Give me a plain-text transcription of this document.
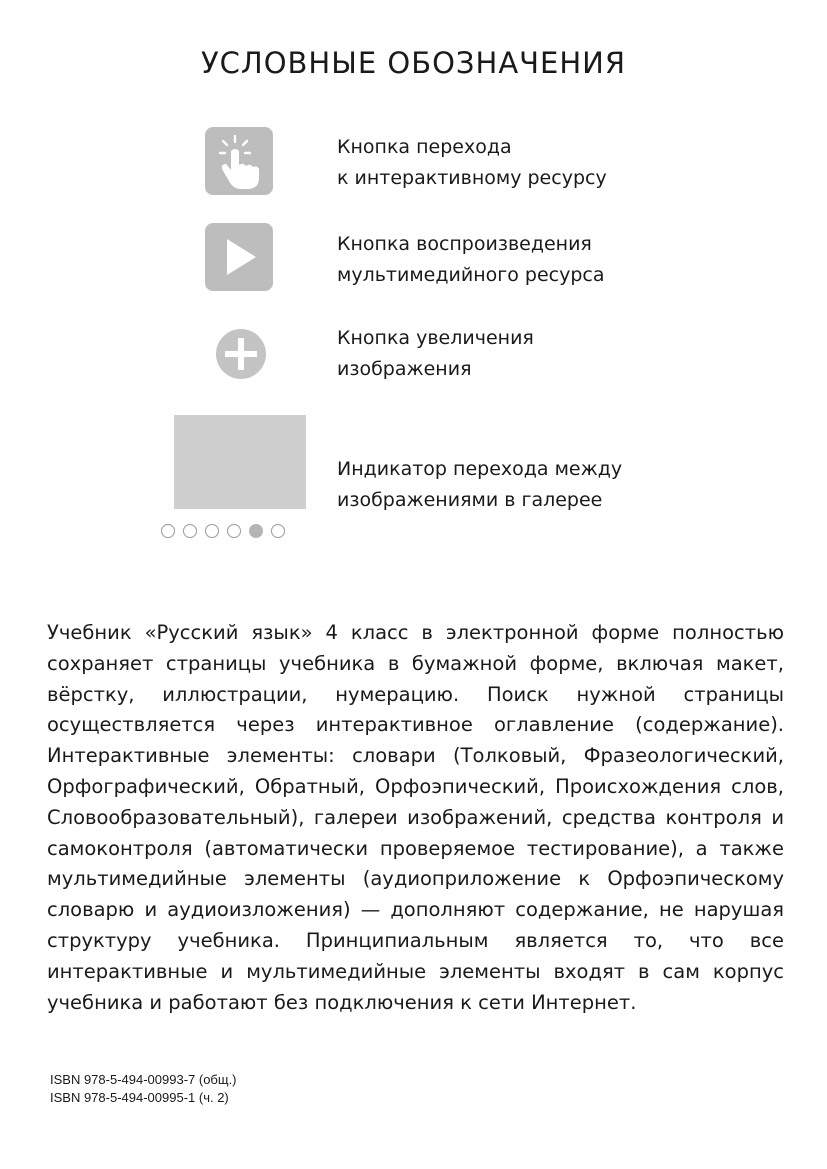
УСЛОВНЫЕ ОБОЗНАЧЕНИЯ
Кнопка перехода
к интерактивному ресурсу
Кнопка воспроизведения
мультимедийного ресурса
Кнопка увеличения
изображения
Индикатор перехода между
изображениями в галерее
Учебник «Русский язык» 4 класс в электронной форме полностью сохраняет страницы учебника в бумажной форме, включая макет, вёрстку, иллюстрации, нумерацию. Поиск нужной страницы осуществляется через интерактивное оглавление (содержание). Интерактивные элементы: словари (Толковый, Фразеологический, Орфографический, Обратный, Орфоэпический, Происхождения слов, Словообразовательный), галереи изображений, средства контроля и самоконтроля (автоматически проверяемое тестирование), а также мультимедийные элементы (аудиоприложение к Орфоэпическому словарю и аудиоизложения) — дополняют содержание, не нарушая структуру учебника. Принципиальным является то, что все интерактивные и мультимедийные элементы входят в сам корпус учебника и работают без подключения к сети Интернет.
ISBN 978-5-494-00993-7 (общ.)
ISBN 978-5-494-00995-1 (ч. 2)
